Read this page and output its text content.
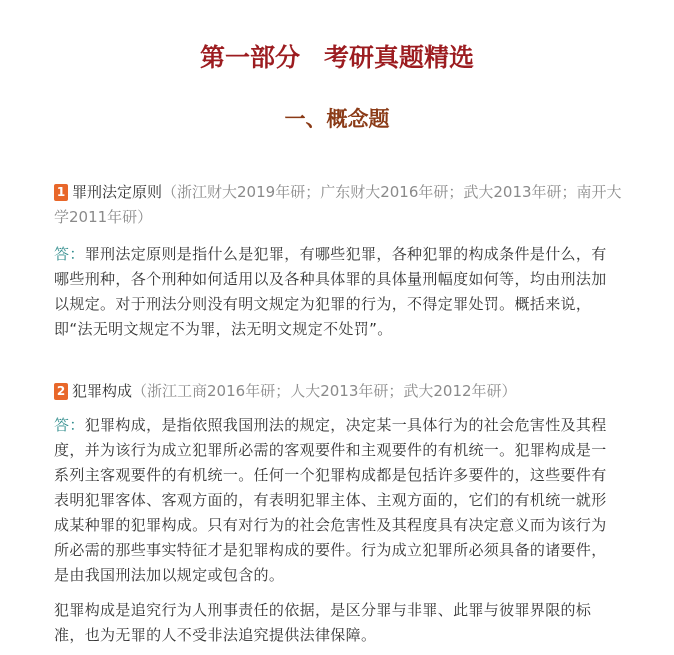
第一部分 考研真题精选
一、概念题

1 罪刑法定原则（浙江财大2019年研；广东财大2016年研；武大2013年研；南开大学2011年研）

答：罪刑法定原则是指什么是犯罪，有哪些犯罪，各种犯罪的构成条件是什么，有哪些刑种，各个刑种如何适用以及各种具体罪的具体量刑幅度如何等，均由刑法加以规定。对于刑法分则没有明文规定为犯罪的行为，不得定罪处罚。概括来说，即“法无明文规定不为罪，法无明文规定不处罚”。

2 犯罪构成（浙江工商2016年研；人大2013年研；武大2012年研）

答：犯罪构成，是指依照我国刑法的规定，决定某一具体行为的社会危害性及其程度，并为该行为成立犯罪所必需的客观要件和主观要件的有机统一。犯罪构成是一系列主客观要件的有机统一。任何一个犯罪构成都是包括许多要件的，这些要件有表明犯罪客体、客观方面的，有表明犯罪主体、主观方面的，它们的有机统一就形成某种罪的犯罪构成。只有对行为的社会危害性及其程度具有决定意义而为该行为所必需的那些事实特征才是犯罪构成的要件。行为成立犯罪所必须具备的诸要件，是由我国刑法加以规定或包含的。

犯罪构成是追究行为人刑事责任的依据，是区分罪与非罪、此罪与彼罪界限的标准，也为无罪的人不受非法追究提供法律保障。
